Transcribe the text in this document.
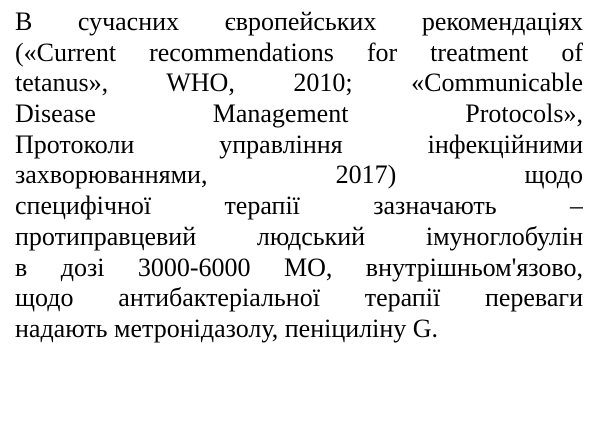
В сучасних європейських рекомендаціях
(«Current recommendations for treatment of
tetanus», WHO, 2010; «Communicable
Disease Management Protocols»,
Протоколи управління інфекційними
захворюваннями, 2017) щодо
специфічної терапії зазначають –
протиправцевий людський імуноглобулін
в дозі 3000-6000 МО, внутрішньом'язово,
щодо антибактеріальної терапії переваги
надають метронідазолу, пеніциліну G.
